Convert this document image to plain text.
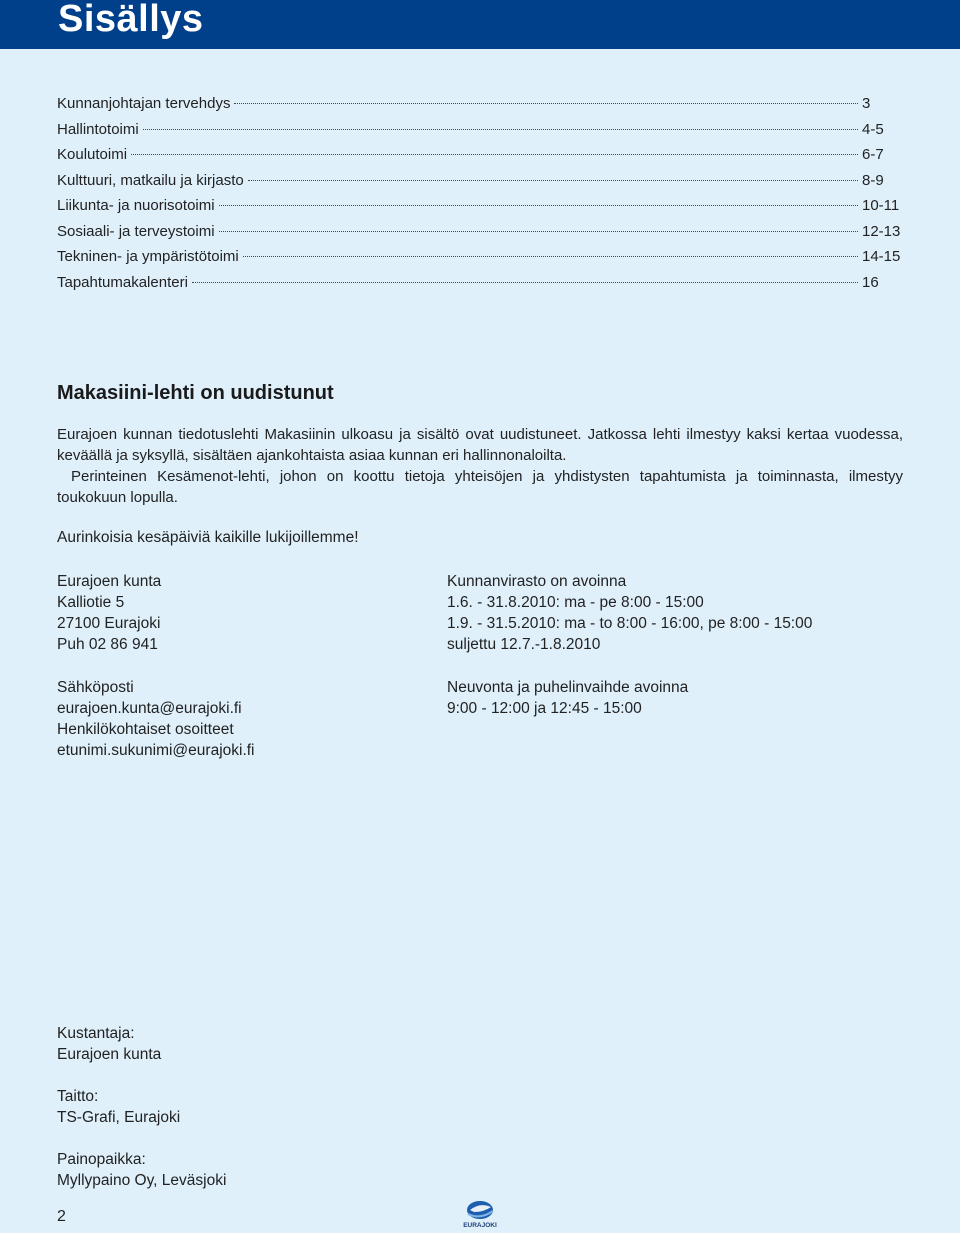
Sisällys
Kunnanjohtajan tervehdys	3
Hallintotoimi	4-5
Koulutoimi	6-7
Kulttuuri, matkailu ja kirjasto	8-9
Liikunta- ja nuorisotoimi	10-11
Sosiaali- ja terveystoimi	12-13
Tekninen- ja ympäristötoimi	14-15
Tapahtumakalenteri	16
Makasiini-lehti on uudistunut

Eurajoen kunnan tiedotuslehti Makasiinin ulkoasu ja sisältö ovat uudistuneet. Jatkossa lehti ilmestyy kaksi kertaa vuodessa, keväällä ja syksyllä, sisältäen ajankohtaista asiaa kunnan eri hallinnonaloilta.

Perinteinen Kesämenot-lehti, johon on koottu tietoja yhteisöjen ja yhdistysten tapahtumista ja toiminnasta, ilmestyy toukokuun lopulla.

Aurinkoisia kesäpäiviä kaikille lukijoillemme!

Eurajoen kunta
Kalliotie 5
27100 Eurajoki
Puh 02 86 941
Sähköposti
eurajoen.kunta@eurajoki.fi
Henkilökohtaiset osoitteet
etunimi.sukunimi@eurajoki.fi
Kunnanvirasto on avoinna
1.6. - 31.8.2010: ma - pe 8:00 - 15:00
1.9. - 31.5.2010: ma - to 8:00 - 16:00, pe 8:00 - 15:00
suljettu 12.7.-1.8.2010
Neuvonta ja puhelinvaihde avoinna
9:00 - 12:00 ja 12:45 - 15:00
Kustantaja:
Eurajoen kunta
Taitto:
TS-Grafi, Eurajoki
Painopaikka:
Myllypaino Oy, Leväsjoki
2
EURAJOKI
